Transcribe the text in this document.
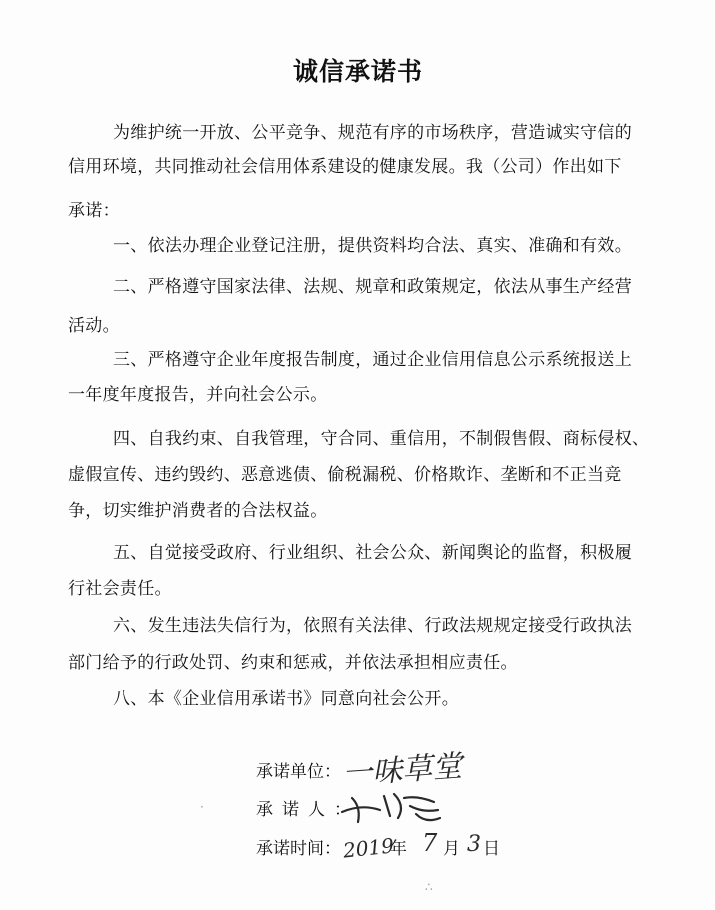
诚信承诺书
为维护统一开放、公平竞争、规范有序的市场秩序，营造诚实守信的
信用环境，共同推动社会信用体系建设的健康发展。我（公司）作出如下
承诺：
一、依法办理企业登记注册，提供资料均合法、真实、准确和有效。
二、严格遵守国家法律、法规、规章和政策规定，依法从事生产经营
活动。
三、严格遵守企业年度报告制度，通过企业信用信息公示系统报送上
一年度年度报告，并向社会公示。
四、自我约束、自我管理，守合同、重信用，不制假售假、商标侵权、
虚假宣传、违约毁约、恶意逃债、偷税漏税、价格欺诈、垄断和不正当竞
争，切实维护消费者的合法权益。
五、自觉接受政府、行业组织、社会公众、新闻舆论的监督，积极履
行社会责任。
六、发生违法失信行为，依照有关法律、行政法规规定接受行政执法
部门给予的行政处罚、约束和惩戒，并依法承担相应责任。
八、本《企业信用承诺书》同意向社会公开。
承诺单位： 一味草堂
承诺人：
承诺时间： 2019
年 7 月 3 日
·
∴
